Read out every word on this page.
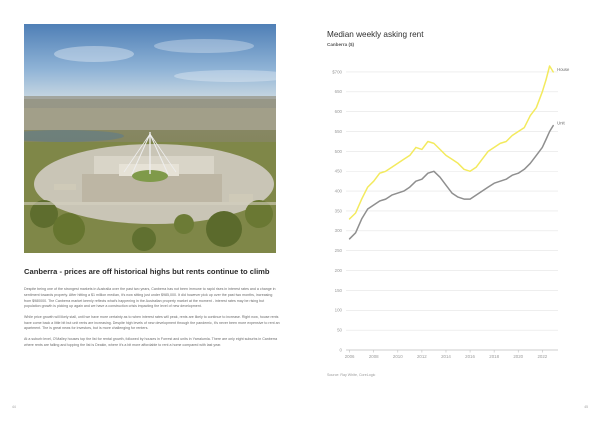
Canberra - prices are off historical highs but rents continue to climb

Despite being one of the strongest markets in Australia over the past two years, Canberra has not been immune to rapid rises in interest rates and a change in sentiment towards property. After hitting a $1 million median, it's now sitting just under $985,000. It did however pick up over the past two months, increasing from $980000. The Canberra market keenly reflects what's happening in the Australian property market at the moment - interest rates may be rising but population growth is picking up again and we have a construction crisis impacting the level of new development.

While price growth will likely stall, until we have more certainty as to when interest rates will peak, rents are likely to continue to increase. Right now, house rents have come back a little bit but unit rents are increasing. Despite high levels of new development through the pandemic, it's never been more expensive to rent an apartment. The is great news for investors, but is more challenging for renters.

At a suburb level, O'Malley houses top the list for rental growth, followed by houses in Forrest and units in Yarralumla. There are only eight suburbs in Canberra where rents are falling and topping the list is Deakin, where it's a bit more affordable to rent a home compared with last year.

44	45
Median weekly asking rent
Canberra ($)
0
50
100
150
200
250
300
350
400
450
500
550
600
650
$700
2006	2008	2010	2012	2014	2016	2018	2020	2022
House
Unit
Source: Ray White, CoreLogic
